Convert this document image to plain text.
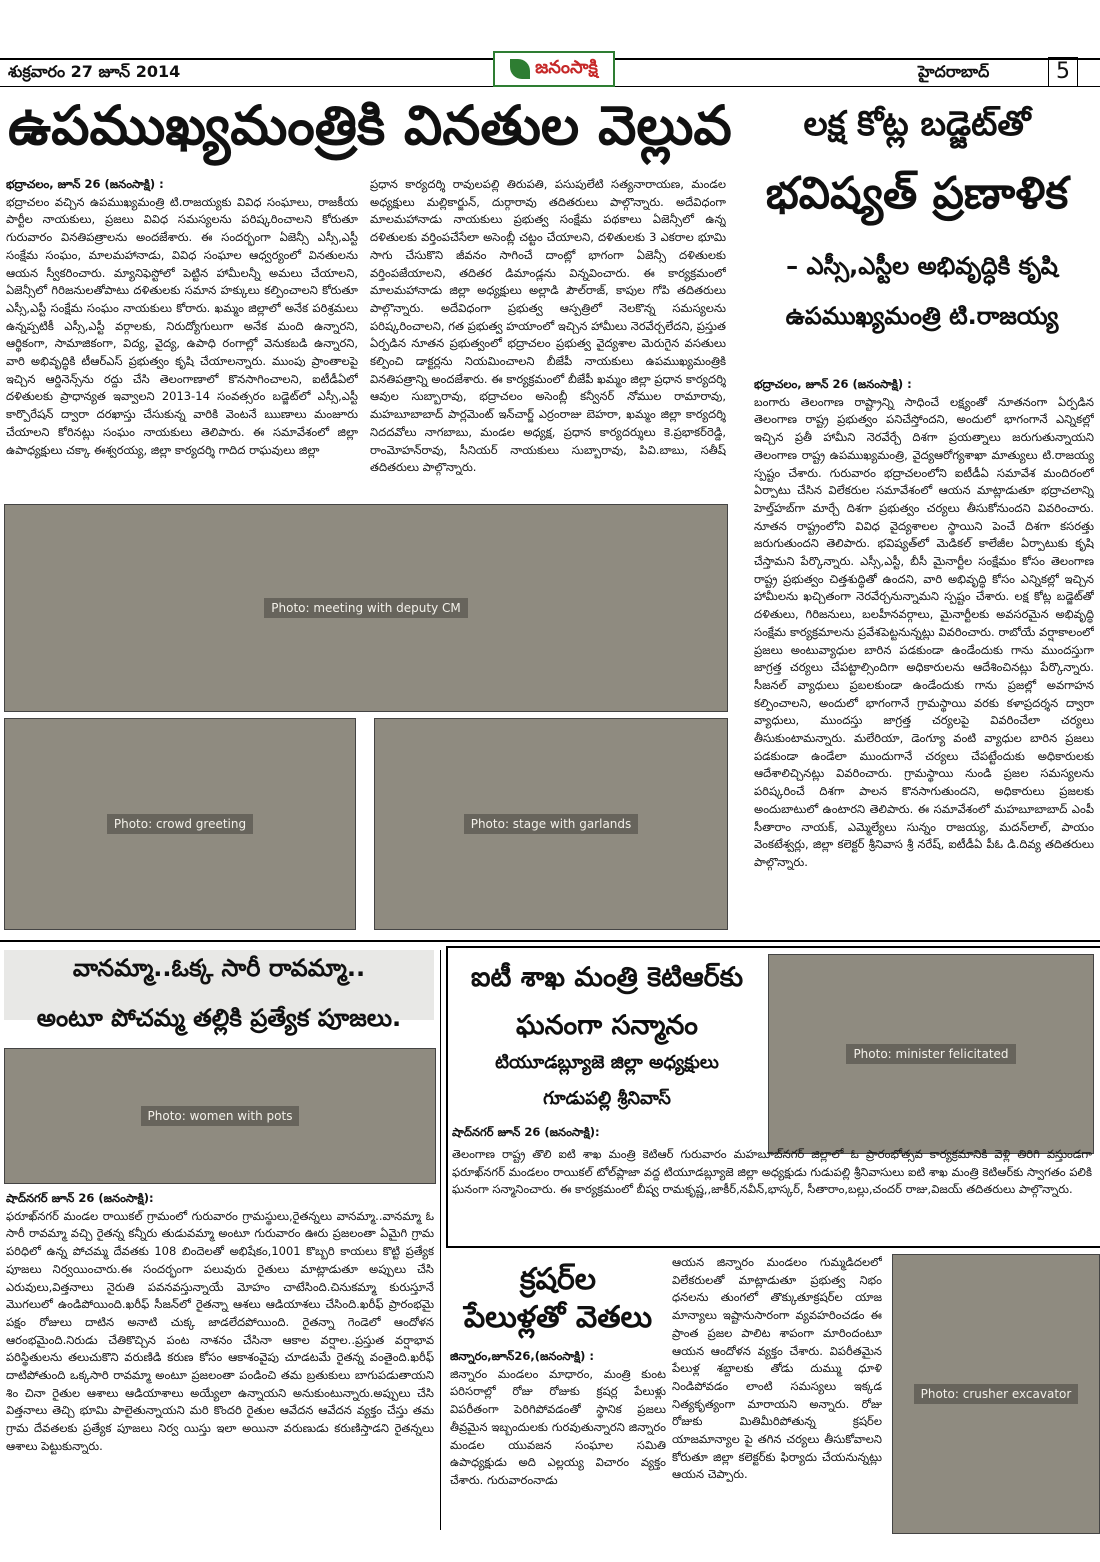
శుక్రవారం 27 జూన్ 2014	జనంసాక్షి	హైదరాబాద్	5
ఉపముఖ్యమంత్రికి వినతుల వెల్లువ
భద్రాచలం, జూన్ 26 (జనంసాక్షి) :
భద్రాచలం వచ్చిన ఉపముఖ్యమంత్రి టి.రాజయ్యకు వివిధ సంఘాలు, రాజకీయ పార్టీల నాయకులు, ప్రజలు వివిధ సమస్యలను పరిష్కరించాలని కోరుతూ గురువారం వినతిపత్రాలను అందజేశారు. ఈ సందర్భంగా ఏజెన్సీ ఎస్సీ,ఎస్టీ సంక్షేమ సంఘం, మాలమహానాడు, వివిధ సంఘాల ఆధ్వర్యంలో వినతులను ఆయన స్వీకరించారు. మ్యానిఫెస్టోలో పెట్టిన హామీలన్నీ అమలు చేయాలని, ఏజెన్సీలో గిరిజనులతోపాటు దళితులకు సమాన హక్కులు కల్పించాలని కోరుతూ ఎస్సీ,ఎస్టీ సంక్షేమ సంఘం నాయకులు కోరారు. ఖమ్మం జిల్లాలో అనేక పరిశ్రమలు ఉన్నప్పటికీ ఎస్సీ,ఎస్టీ వర్గాలకు, నిరుద్యోగులుగా అనేక మంది ఉన్నారని, ఆర్థికంగా, సామాజికంగా, విద్య, వైద్య, ఉపాధి రంగాల్లో వెనుకబడి ఉన్నారని, వారి అభివృద్ధికి టీఆర్ఎస్ ప్రభుత్వం కృషి చేయాలన్నారు. ముంపు ప్రాంతాలపై ఇచ్చిన ఆర్డినెన్స్‌ను రద్దు చేసి తెలంగాణాలో కొనసాగించాలని, ఐటీడీఏలో దళితులకు ప్రాధాన్యత ఇవ్వాలని 2013-14 సంవత్సరం బడ్జెట్‌లో ఎస్సీ,ఎస్టీ కార్పొరేషన్ ద్వారా దరఖాస్తు చేసుకున్న వారికి వెంటనే ఋణాలు మంజూరు చేయాలని కోరినట్లు సంఘం నాయకులు తెలిపారు. ఈ సమావేశంలో జిల్లా ఉపాధ్యక్షులు చక్కా ఈశ్వరయ్య, జిల్లా కార్యదర్శి గాదిద రాఘవులు జిల్లా
ప్రధాన కార్యదర్శి రావులపల్లి తిరుపతి, పసుపులేటి సత్యనారాయణ, మండల అధ్యక్షులు మల్లికార్జున్, దుర్గారావు తదితరులు పాల్గొన్నారు. అదేవిధంగా మాలమహానాడు నాయకులు ప్రభుత్వ సంక్షేమ పథకాలు ఏజెన్సీలో ఉన్న దళితులకు వర్తింపచేసేలా అసెంబ్లీ చట్టం చేయాలని, దళితులకు 3 ఎకరాల భూమి సాగు చేసుకొని జీవనం సాగించే దాంట్లో భాగంగా ఏజెన్సీ దళితులకు వర్తింపజేయాలని, తదితర డిమాండ్లను విన్నవించారు. ఈ కార్యక్రమంలో మాలమహానాడు జిల్లా అధ్యక్షులు అల్లాడి పౌల్‌రాజ్, కాపుల గోపి తదితరులు పాల్గొన్నారు. అదేవిధంగా ప్రభుత్వ ఆస్పత్రిలో నెలకొన్న సమస్యలను పరిష్కరించాలని, గత ప్రభుత్వ హయాంలో ఇచ్చిన హామీలు నెరవేర్చలేదని, ప్రస్తుత ఏర్పడిన నూతన ప్రభుత్వంలో భద్రాచలం ప్రభుత్వ వైద్యశాల మెరుగైన వసతులు కల్పించి డాక్టర్లను నియమించాలని బీజేపీ నాయకులు ఉపముఖ్యమంత్రికి వినతిపత్రాన్ని అందజేశారు. ఈ కార్యక్రమంలో బీజేపీ ఖమ్మం జిల్లా ప్రధాన కార్యదర్శి ఆవుల సుబ్బారావు, భద్రాచలం అసెంబ్లీ కన్వీనర్ నోముల రామారావు, మహబూబాబాద్ పార్లమెంట్ ఇన్‌చార్జ్ ఎర్రంరాజు బెహరా, ఖమ్మం జిల్లా కార్యదర్శి నిదదవోలు నాగబాబు, మండల అధ్యక్ష, ప్రధాన కార్యదర్శులు కె.ప్రభాకర్‌రెడ్డి, రాంమోహన్‌రావు, సీనియర్ నాయకులు సుబ్బారావు, పివి.బాబు, సతీష్ తదితరులు పాల్గొన్నారు.
Photo: meeting with deputy CM
Photo: crowd greeting	Photo: stage with garlands
లక్ష కోట్ల బడ్జెట్‌తో
భవిష్యత్ ప్రణాళిక
– ఎస్సీ,ఎస్టీల అభివృద్ధికి కృషి
ఉపముఖ్యమంత్రి టి.రాజయ్య
భద్రాచలం, జూన్ 26 (జనంసాక్షి) :
బంగారు తెలంగాణ రాష్ట్రాన్ని సాధించే లక్ష్యంతో నూతనంగా ఏర్పడిన తెలంగాణ రాష్ట్ర ప్రభుత్వం పనిచేస్తోందని, అందులో భాగంగానే ఎన్నికల్లో ఇచ్చిన ప్రతీ హామీని నెరవేర్చే దిశగా ప్రయత్నాలు జరుగుతున్నాయని తెలంగాణ రాష్ట్ర ఉపముఖ్యమంత్రి, వైద్యఆరోగ్యశాఖా మాత్యులు టి.రాజయ్య స్పష్టం చేశారు. గురువారం భద్రాచలంలోని ఐటీడీఏ సమావేశ మందిరంలో ఏర్పాటు చేసిన విలేకరుల సమావేశంలో ఆయన మాట్లాడుతూ భద్రాచలాన్ని హెల్త్‌హబ్‌గా మార్చే దిశగా ప్రభుత్వం చర్యలు తీసుకోనుందని వివరించారు. నూతన రాష్ట్రంలోని వివిధ వైద్యశాలల స్థాయిని పెంచే దిశగా కసరత్తు జరుగుతుందని తెలిపారు. భవిష్యత్‌లో మెడికల్ కాలేజీల ఏర్పాటుకు కృషి చేస్తామని పేర్కొన్నారు. ఎస్సీ,ఎస్టీ, బీసీ మైనార్టీల సంక్షేమం కోసం తెలంగాణ రాష్ట్ర ప్రభుత్వం చిత్తశుద్ధితో ఉందని, వారి అభివృద్ధి కోసం ఎన్నికల్లో ఇచ్చిన హామీలను ఖచ్చితంగా నెరవేర్చనున్నామని స్పష్టం చేశారు. లక్ష కోట్ల బడ్జెట్‌తో దళితులు, గిరిజనులు, బలహీనవర్గాలు, మైనార్టీలకు అవసరమైన అభివృద్ధి సంక్షేమ కార్యక్రమాలను ప్రవేశపెట్టనున్నట్లు వివరించారు. రాబోయే వర్షాకాలంలో ప్రజలు అంటువ్యాధుల బారిన పడకుండా ఉండేందుకు గాను ముందస్తుగా జాగ్రత్త చర్యలు చేపట్టాల్సిందిగా అధికారులను ఆదేశించినట్లు పేర్కొన్నారు. సీజనల్ వ్యాధులు ప్రబలకుండా ఉండేందుకు గాను ప్రజల్లో అవగాహన కల్పించాలని, అందులో భాగంగానే గ్రామస్థాయి వరకు కళాప్రదర్శన ద్వారా వ్యాధులు, ముందస్తు జాగ్రత్త చర్యలపై వివరించేలా చర్యలు తీసుకుంటామన్నారు. మలేరియా, డెంగ్యూ వంటి వ్యాధుల బారిన ప్రజలు పడకుండా ఉండేలా ముందుగానే చర్యలు చేపట్టేందుకు అధికారులకు ఆదేశాలిచ్చినట్లు వివరించారు. గ్రామస్థాయి నుండి ప్రజల సమస్యలను పరిష్కరించే దిశగా పాలన కొనసాగుతుందని, అధికారులు ప్రజలకు అందుబాటులో ఉంటారని తెలిపారు. ఈ సమావేశంలో మహబూబాబాద్ ఎంపీ సీతారాం నాయక్, ఎమ్మెల్యేలు సున్నం రాజయ్య, మదన్‌లాల్, పాయం వెంకటేశ్వర్లు, జిల్లా కలెక్టర్ శ్రీనివాస శ్రీ నరేష్, ఐటీడీఏ పీఓ డి.దివ్య తదితరులు పాల్గొన్నారు.
వానమ్మా..ఓక్క సారీ రావమ్మా..
అంటూ పోచమ్మ తల్లికి ప్రత్యేక పూజలు.
Photo: women with pots
షాద్‌నగర్ జూన్ 26 (జనంసాక్షి):
ఫరూఖ్‌నగర్ మండల రాయికల్ గ్రామంలో గురువారం గ్రామస్థులు,రైతన్నలు వానమ్మా..వానమ్మా ఓ సారీ రావమ్మా వచ్చి రైతన్న కన్నీరు తుడువమ్మా అంటూ గురువారం ఊరు ప్రజలంతా ఏమైగి గ్రామ పరిధిలో ఉన్న పోచమ్మ దేవతకు 108 బిందెలతో అభిషేకం,1001 కొబ్బరి కాయలు కొట్టి ప్రత్యేక పూజలు నిర్వయించారు.ఈ సందర్భంగా పలువురు రైతులు మాట్లాడుతూ అప్పులు చేసి ఎరువులు,విత్తనాలు నైరుతి పవనవస్తున్నాయే మోహం చాటేసింది.చినుకమ్మా కురుస్తూనే మొగలులో ఉండిపోయింది.ఖరీఫ్ సీజన్‌లో రైతన్నా ఆశలు ఆడియాశలు చేసింది.ఖరీఫ్ ప్రారంభమై పక్షం రోజులు దాటిన అనాటి చుక్క జాడలేదపోయింది. రైతన్నా గెండెలో ఆందోళన ఆరంభమైంది.నిరుడు చేతికొచ్చిన పంట నాశనం చేసినా ఆకాల వర్షాల..ప్రస్తుత వర్షాభావ పరిస్థితులను తలుచుకొని వరుణిడి కరుణ కోసం ఆకాశంవైపు చూడటమే రైతన్న వంతైంది.ఖరీఫ్ దాటిపోతుంది ఒక్కసారి రావమ్మా అంటూ ప్రజలంతా పండించి తమ బ్రతుకులు బాగుపడుతాయని శిం చినా రైతుల ఆశాలు ఆడియాశాలు అయ్యేలా ఉన్నాయని అనుకుంటున్నారు.అప్పులు చేసి విత్తనాలు తెచ్చి భూమి పాలైతున్నాయని మరి కొందరి రైతుల ఆవేదన ఆవేదన వ్యక్తం చేస్తు తమ గ్రామ దేవతలకు ప్రత్యేక పూజలు నిర్వ యిస్తు ఇలా అయినా వరుణుడు కరుణిస్తాడని రైతన్నలు ఆశాలు పెట్టుకున్నారు.
ఐటీ శాఖ మంత్రి కెటిఆర్‌కు
ఘనంగా సన్మానం
టియూడబ్ల్యూజె జిల్లా అధ్యక్షులు
గూడుపల్లి శ్రీనివాస్
Photo: minister felicitated
షాద్‌నగర్ జూన్ 26 (జనంసాక్షి):
తెలంగాణ రాష్ట్ర తొలి ఐటి శాఖ మంత్రి కెటిఆర్ గురువారం మహబూబ్‌నగర్ జిల్లాలో ఓ ప్రారంభోత్సవ కార్యక్రమానికి వెళ్లి తిరిగి వస్తుండగా ఫరూఖ్‌నగర్ మండలం రాయికల్ టోల్‌ప్లాజా వద్ద టియూడబ్ల్యూజె జిల్లా అధ్యక్షుడు గుడుపల్లి శ్రీనివాసులు ఐటి శాఖ మంత్రి కెటిఆర్‌కు స్వాగతం పలికి ఘనంగా సన్మానించారు. ఈ కార్యక్రమంలో బీష్వ రామకృష్ణ,,జాకీర్,నవీన్,భాస్కర్, సీతారాం,బల్లు,చందర్ రాజు,విజయ్ తదితరులు పాల్గొన్నారు.
క్రషర్‌ల
పేలుళ్లతో వెతలు
జిన్నారం,జూన్26,(జనంసాక్షి) :
జిన్నారం మండలం మాధారం, మంత్రి కుంట పరిసరాల్లో రోజు రోజుకు క్రషర్ల పేలుళ్లు విపరీతంగా పెరిగిపోవడంతో స్థానిక ప్రజలు తీవ్రమైన ఇబ్బందులకు గురవుతున్నారని జిన్నారం మండల యువజన సంఘాల సమితి ఉపాధ్యక్షుడు అది ఎల్లయ్య విచారం వ్యక్తం చేశారు. గురువారంనాడు
ఆయన జిన్నారం మండలం గుమ్మడిదలలో విలేకరులతో మాట్లాడుతూ ప్రభుత్వ నిభం ధనలను తుంగలో తొక్కుతూక్రషర్‌ల యాజ మాన్యాలు ఇష్టానుసారంగా వ్యవహరించడం ఈ ప్రాంత ప్రజల పాలిట శాపంగా మారిందంటూ ఆయన ఆందోళన వ్యక్తం చేశారు. విపరీతమైన పేలుళ్ల శబ్దాలకు తోడు దుమ్ము ధూళి నిండిపోవడం లాంటి సమస్యలు ఇక్కడ నిత్యకృత్యంగా మారాయని అన్నారు. రోజు రోజుకు మితిమీరిపోతున్న క్రషర్‌ల యాజమాన్యాల పై తగిన చర్యలు తీసుకోవాలని కోరుతూ జిల్లా కలెక్టర్‌కు ఫిర్యాదు చేయనున్నట్లు ఆయన చెప్పారు.
Photo: crusher excavator
